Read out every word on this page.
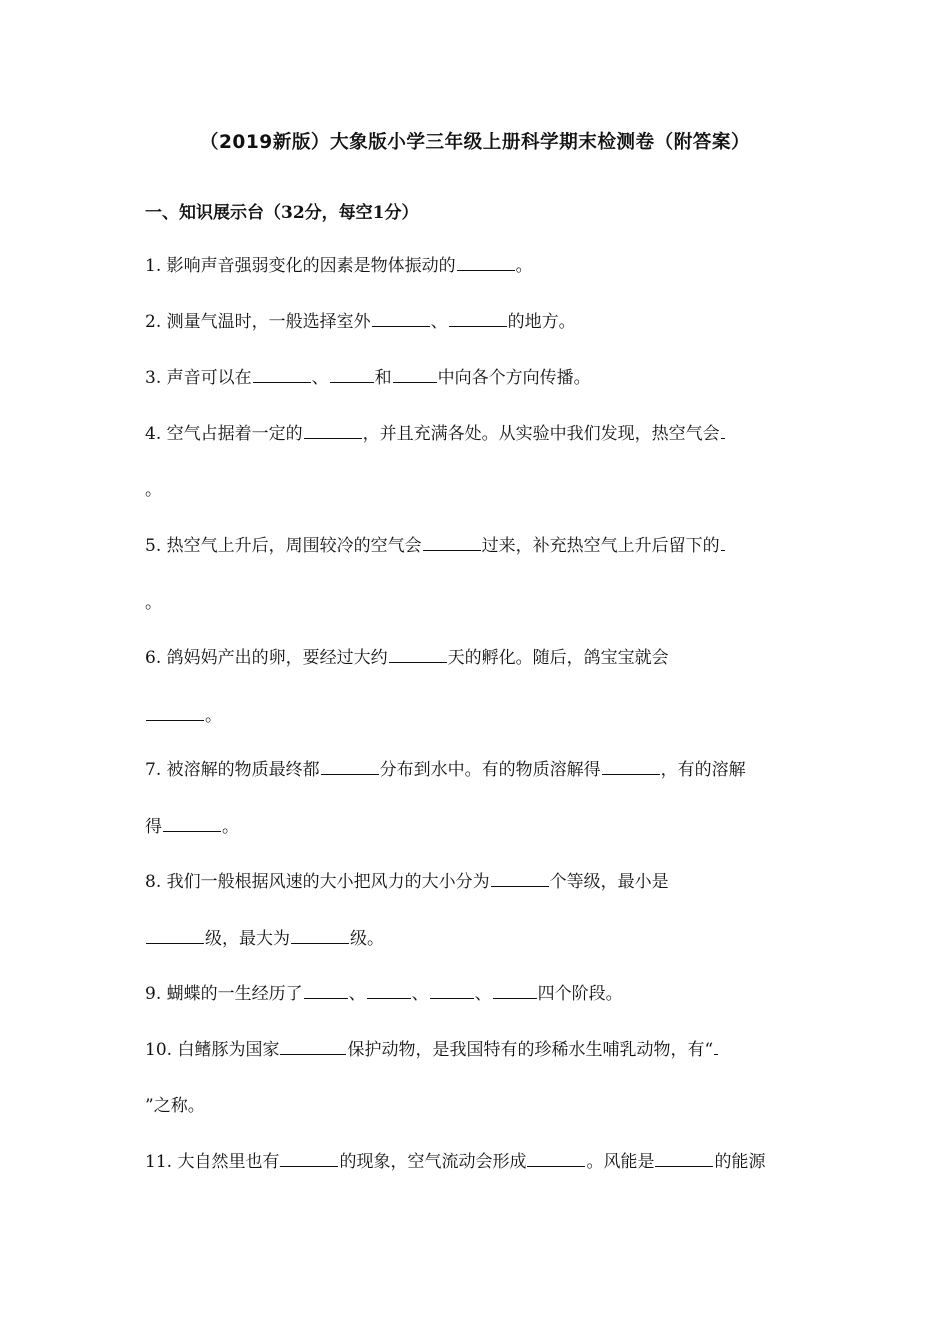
（2019新版）大象版小学三年级上册科学期末检测卷（附答案）
一、知识展示台（32分，每空1分）
1. 影响声音强弱变化的因素是物体振动的	。
2. 测量气温时，一般选择室外	、	的地方。
3. 声音可以在	、	和	中向各个方向传播。
4. 空气占据着一定的	，并且充满各处。从实验中我们发现，热空气会
。
5. 热空气上升后，周围较冷的空气会	过来，补充热空气上升后留下的
。
6. 鸽妈妈产出的卵，要经过大约	天的孵化。随后，鸽宝宝就会
。
7. 被溶解的物质最终都	分布到水中。有的物质溶解得	，有的溶解
得	。
8. 我们一般根据风速的大小把风力的大小分为	个等级，最小是
级，最大为	级。
9. 蝴蝶的一生经历了	、	、	、	四个阶段。
10. 白鳍豚为国家	保护动物，是我国特有的珍稀水生哺乳动物，有“
”之称。
11. 大自然里也有	的现象，空气流动会形成	。风能是	的能源
